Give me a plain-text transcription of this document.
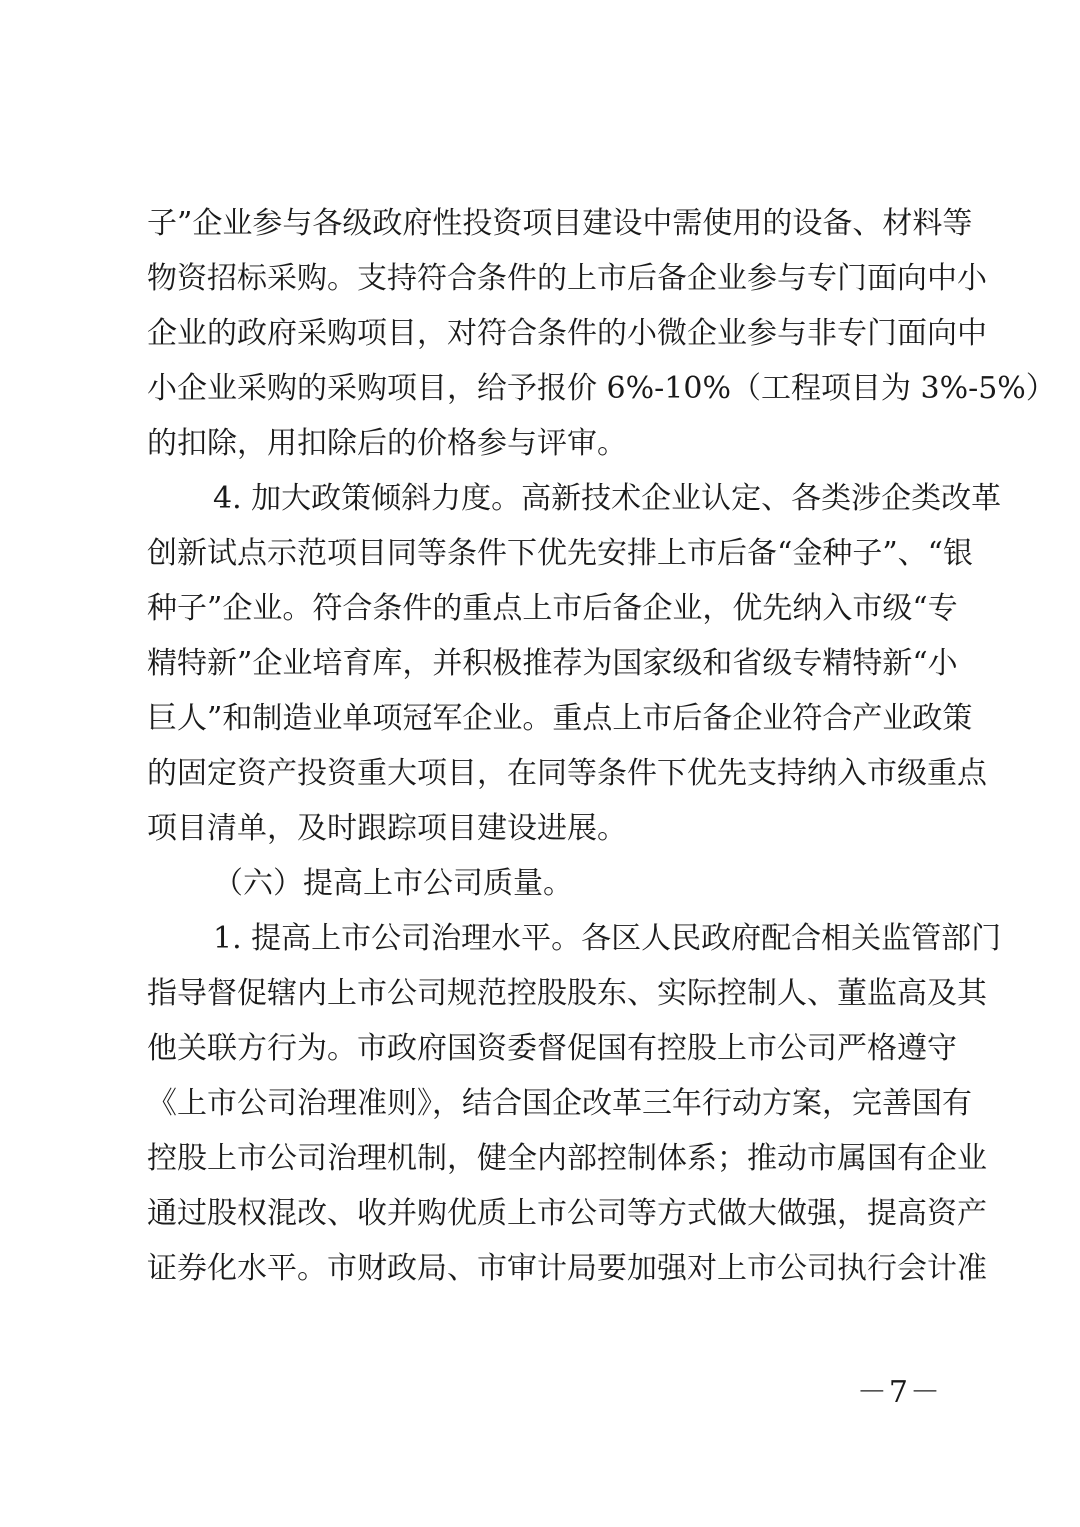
子”企业参与各级政府性投资项目建设中需使用的设备、材料等
物资招标采购。支持符合条件的上市后备企业参与专门面向中小
企业的政府采购项目，对符合条件的小微企业参与非专门面向中
小企业采购的采购项目，给予报价 6%-10%（工程项目为 3%-5%）
的扣除，用扣除后的价格参与评审。
4. 加大政策倾斜力度。高新技术企业认定、各类涉企类改革
创新试点示范项目同等条件下优先安排上市后备“金种子”、“银
种子”企业。符合条件的重点上市后备企业，优先纳入市级“专
精特新”企业培育库，并积极推荐为国家级和省级专精特新“小
巨人”和制造业单项冠军企业。重点上市后备企业符合产业政策
的固定资产投资重大项目，在同等条件下优先支持纳入市级重点
项目清单，及时跟踪项目建设进展。
（六）提高上市公司质量。
1. 提高上市公司治理水平。各区人民政府配合相关监管部门
指导督促辖内上市公司规范控股股东、实际控制人、董监高及其
他关联方行为。市政府国资委督促国有控股上市公司严格遵守
《上市公司治理准则》，结合国企改革三年行动方案，完善国有
控股上市公司治理机制，健全内部控制体系；推动市属国有企业
通过股权混改、收并购优质上市公司等方式做大做强，提高资产
证券化水平。市财政局、市审计局要加强对上市公司执行会计准
－7－
